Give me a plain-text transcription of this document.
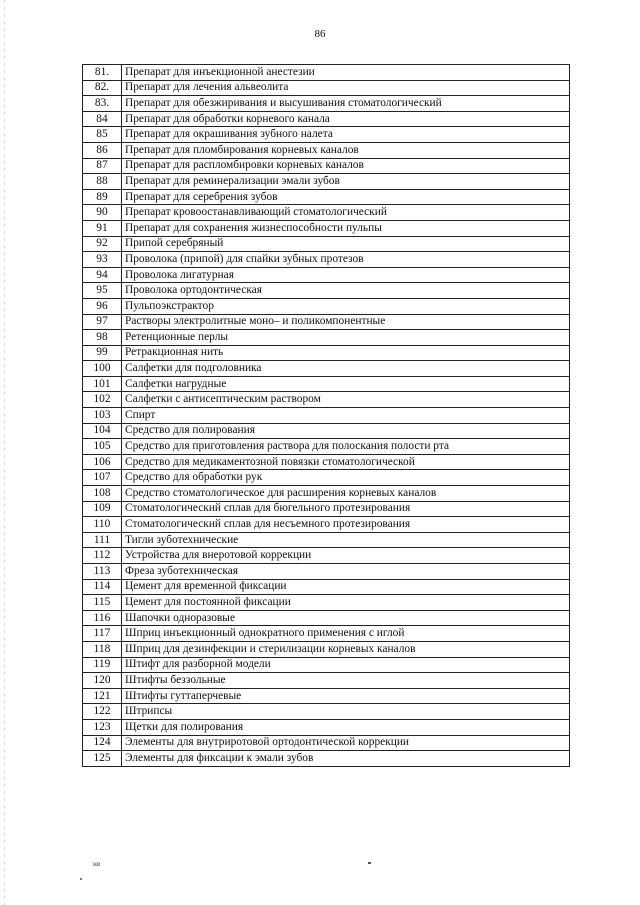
86
81.	Препарат для инъекционной анестезии
82.	Препарат для лечения альвеолита
83.	Препарат для обезжиривания и высушивания стоматологический
84	Препарат для обработки корневого канала
85	Препарат для окрашивания зубного налета
86	Препарат для пломбирования корневых каналов
87	Препарат для распломбировки корневых каналов
88	Препарат для реминерализации эмали зубов
89	Препарат для серебрения зубов
90	Препарат кровоостанавливающий стоматологический
91	Препарат для сохранения жизнеспособности пульпы
92	Припой серебряный
93	Проволока (припой) для спайки зубных протезов
94	Проволока лигатурная
95	Проволока ортодонтическая
96	Пульпоэкстрактор
97	Растворы электролитные моно– и поликомпонентные
98	Ретенционные перлы
99	Ретракционная нить
100	Салфетки для подголовника
101	Салфетки нагрудные
102	Салфетки с антисептическим раствором
103	Спирт
104	Средство для полирования
105	Средство для приготовления раствора для полоскания полости рта
106	Средство для медикаментозной повязки стоматологической
107	Средство для обработки рук
108	Средство стоматологическое для расширения корневых каналов
109	Стоматологический сплав для бюгельного протезирования
110	Стоматологический сплав для несъемного протезирования
111	Тигли зуботехнические
112	Устройства для внеротовой коррекции
113	Фреза зуботехническая
114	Цемент для временной фиксации
115	Цемент для постоянной фиксации
116	Шапочки одноразовые
117	Шприц инъекционный однократного применения с иглой
118	Шприц для дезинфекции и стерилизации корневых каналов
119	Штифт для разборной модели
120	Штифты беззольные
121	Штифты гуттаперчевые
122	Штрипсы
123	Щетки для полирования
124	Элементы для внутриротовой ортодонтической коррекции
125	Элементы для фиксации к эмали зубов
нв
